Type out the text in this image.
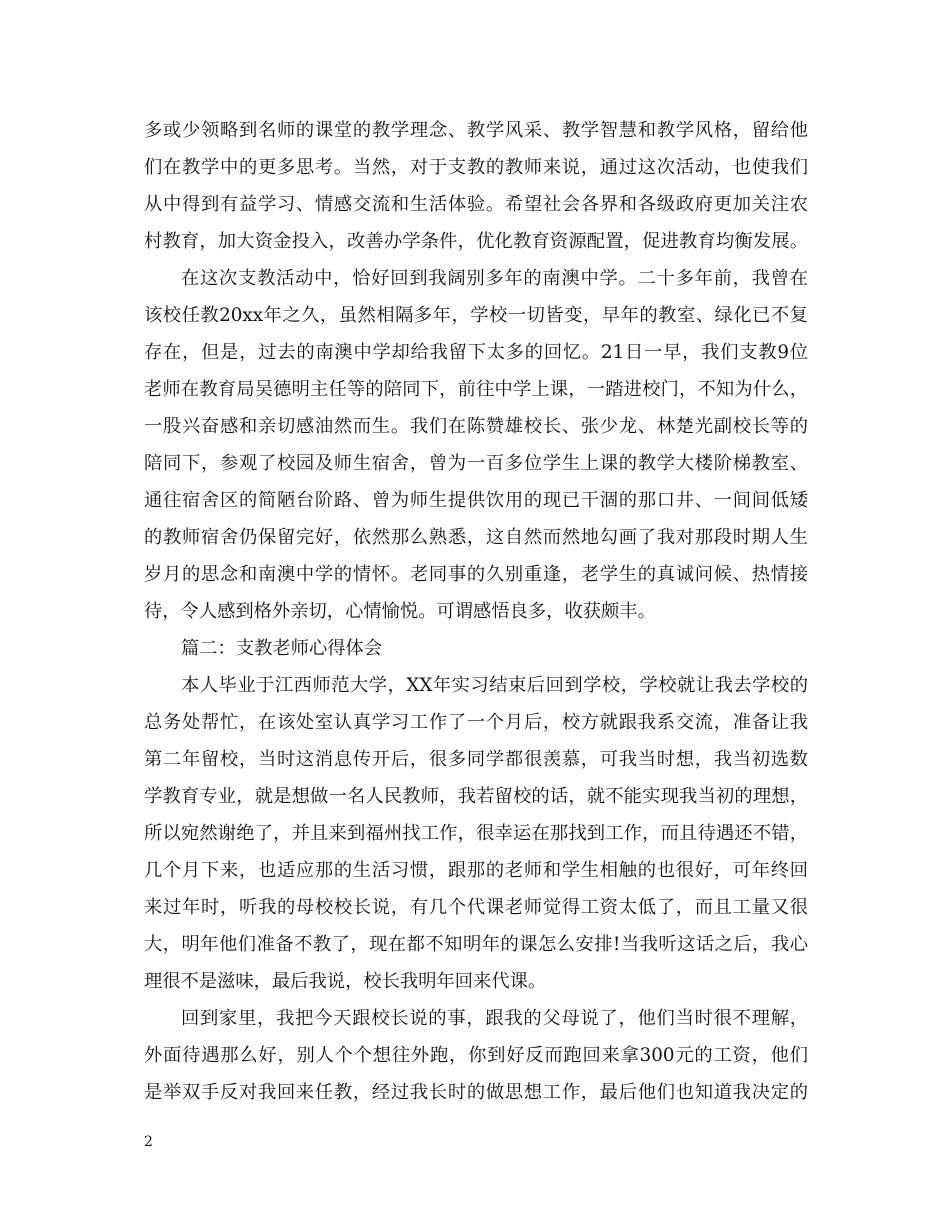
多或少领略到名师的课堂的教学理念、教学风采、教学智慧和教学风格，留给他
们在教学中的更多思考。当然，对于支教的教师来说，通过这次活动，也使我们
从中得到有益学习、情感交流和生活体验。希望社会各界和各级政府更加关注农
村教育，加大资金投入，改善办学条件，优化教育资源配置，促进教育均衡发展。
在这次支教活动中，恰好回到我阔别多年的南澳中学。二十多年前，我曾在
该校任教20xx年之久，虽然相隔多年，学校一切皆变，早年的教室、绿化已不复
存在，但是，过去的南澳中学却给我留下太多的回忆。21日一早，我们支教9位
老师在教育局吴德明主任等的陪同下，前往中学上课，一踏进校门，不知为什么，
一股兴奋感和亲切感油然而生。我们在陈赞雄校长、张少龙、林楚光副校长等的
陪同下，参观了校园及师生宿舍，曾为一百多位学生上课的教学大楼阶梯教室、
通往宿舍区的简陋台阶路、曾为师生提供饮用的现已干涸的那口井、一间间低矮
的教师宿舍仍保留完好，依然那么熟悉，这自然而然地勾画了我对那段时期人生
岁月的思念和南澳中学的情怀。老同事的久别重逢，老学生的真诚问候、热情接
待，令人感到格外亲切，心情愉悦。可谓感悟良多，收获颇丰。
篇二：支教老师心得体会
本人毕业于江西师范大学，XX年实习结束后回到学校，学校就让我去学校的
总务处帮忙，在该处室认真学习工作了一个月后，校方就跟我系交流，准备让我
第二年留校，当时这消息传开后，很多同学都很羡慕，可我当时想，我当初选数
学教育专业，就是想做一名人民教师，我若留校的话，就不能实现我当初的理想，
所以宛然谢绝了，并且来到福州找工作，很幸运在那找到工作，而且待遇还不错，
几个月下来，也适应那的生活习惯，跟那的老师和学生相触的也很好，可年终回
来过年时，听我的母校校长说，有几个代课老师觉得工资太低了，而且工量又很
大，明年他们准备不教了，现在都不知明年的课怎么安排!当我听这话之后，我心
理很不是滋味，最后我说，校长我明年回来代课。
回到家里，我把今天跟校长说的事，跟我的父母说了，他们当时很不理解，
外面待遇那么好，别人个个想往外跑，你到好反而跑回来拿300元的工资，他们
是举双手反对我回来任教，经过我长时的做思想工作，最后他们也知道我决定的
2
